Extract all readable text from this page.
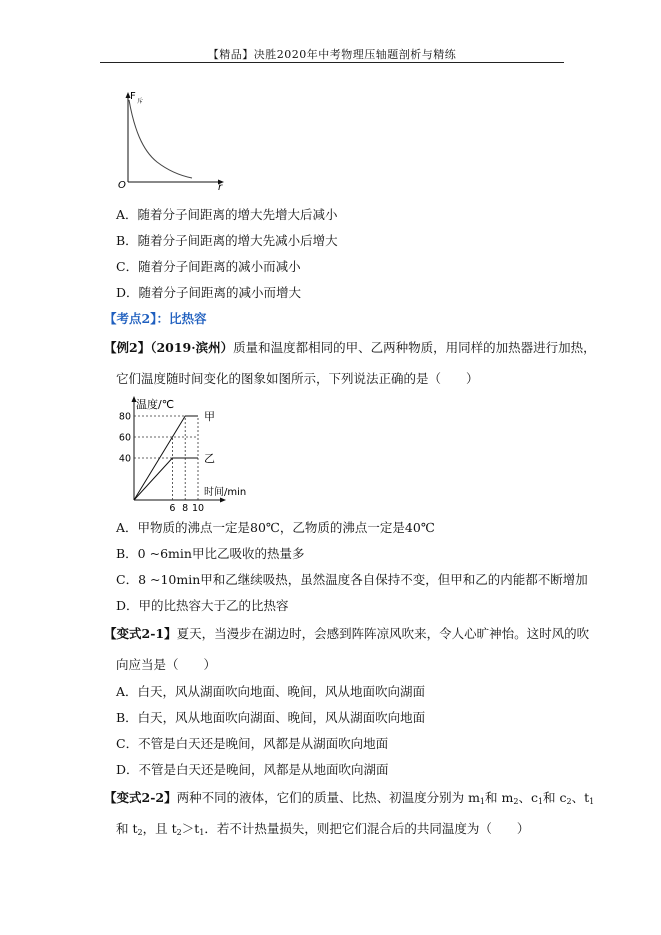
【精品】决胜2020年中考物理压轴题剖析与精练
F 斥
O	r
A．随着分子间距离的增大先增大后减小
B．随着分子间距离的增大先减小后增大
C．随着分子间距离的减小而减小
D．随着分子间距离的减小而增大
【考点2】：比热容
【例2】（2019·滨州）质量和温度都相同的甲、乙两种物质，用同样的加热器进行加热，
它们温度随时间变化的图象如图所示，下列说法正确的是（　　）
温度/℃
时间/min
80
60
40
6 8 10
甲
乙
A．甲物质的沸点一定是80℃，乙物质的沸点一定是40℃
B．0 ~6min甲比乙吸收的热量多
C．8 ~10min甲和乙继续吸热，虽然温度各自保持不变，但甲和乙的内能都不断增加
D．甲的比热容大于乙的比热容
【变式2-1】夏天，当漫步在湖边时，会感到阵阵凉风吹来，令人心旷神怡。这时风的吹
向应当是（　　）
A．白天，风从湖面吹向地面、晚间，风从地面吹向湖面
B．白天，风从地面吹向湖面、晚间，风从湖面吹向地面
C．不管是白天还是晚间，风都是从湖面吹向地面
D．不管是白天还是晚间，风都是从地面吹向湖面
【变式2-2】两种不同的液体，它们的质量、比热、初温度分别为 $m_1$和 $m_2$、$c_1$和 $c_2$、$t_1$
和 $t_2$，且 $t_2>t_1$．若不计热量损失，则把它们混合后的共同温度为（　　）
